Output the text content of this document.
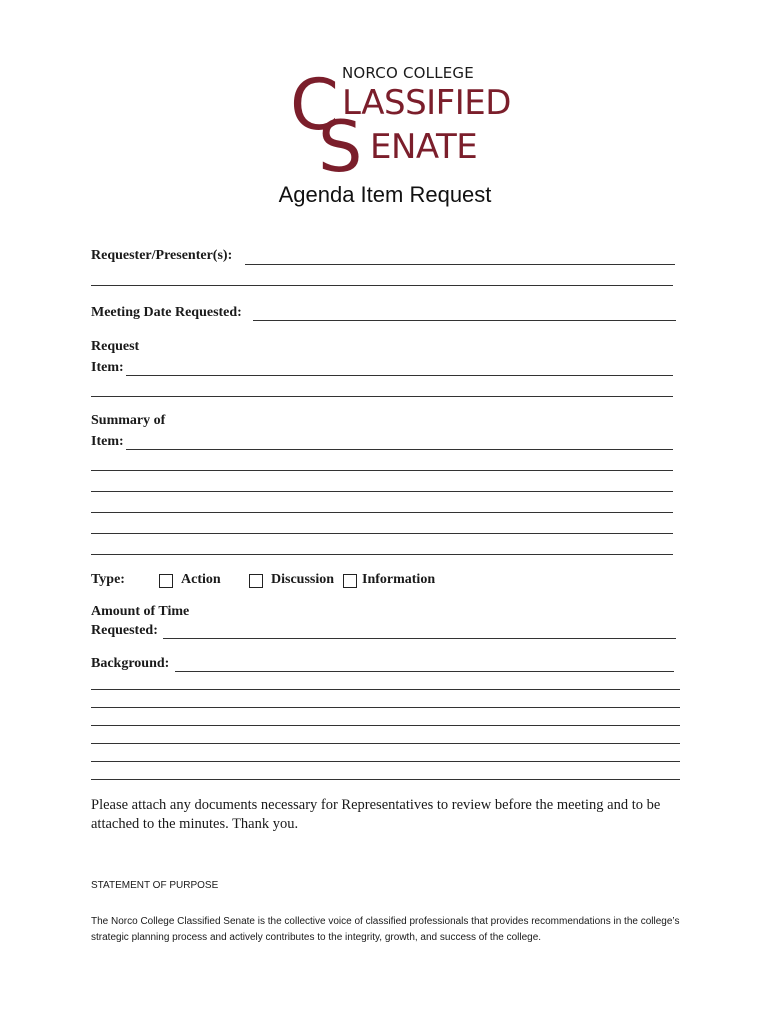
NORCO COLLEGE
C LASSIFIED
S ENATE
Agenda Item Request
Requester/Presenter(s):
Meeting Date Requested:
Request
Item:
Summary of
Item:
Type:	Action	Discussion Information
Amount of Time
Requested:
Background:
Please attach any documents necessary for Representatives to review before the meeting and to be attached to the minutes. Thank you.
STATEMENT OF PURPOSE
The Norco College Classified Senate is the collective voice of classified professionals that provides recommendations in the college’s strategic planning process and actively contributes to the integrity, growth, and success of the college.
